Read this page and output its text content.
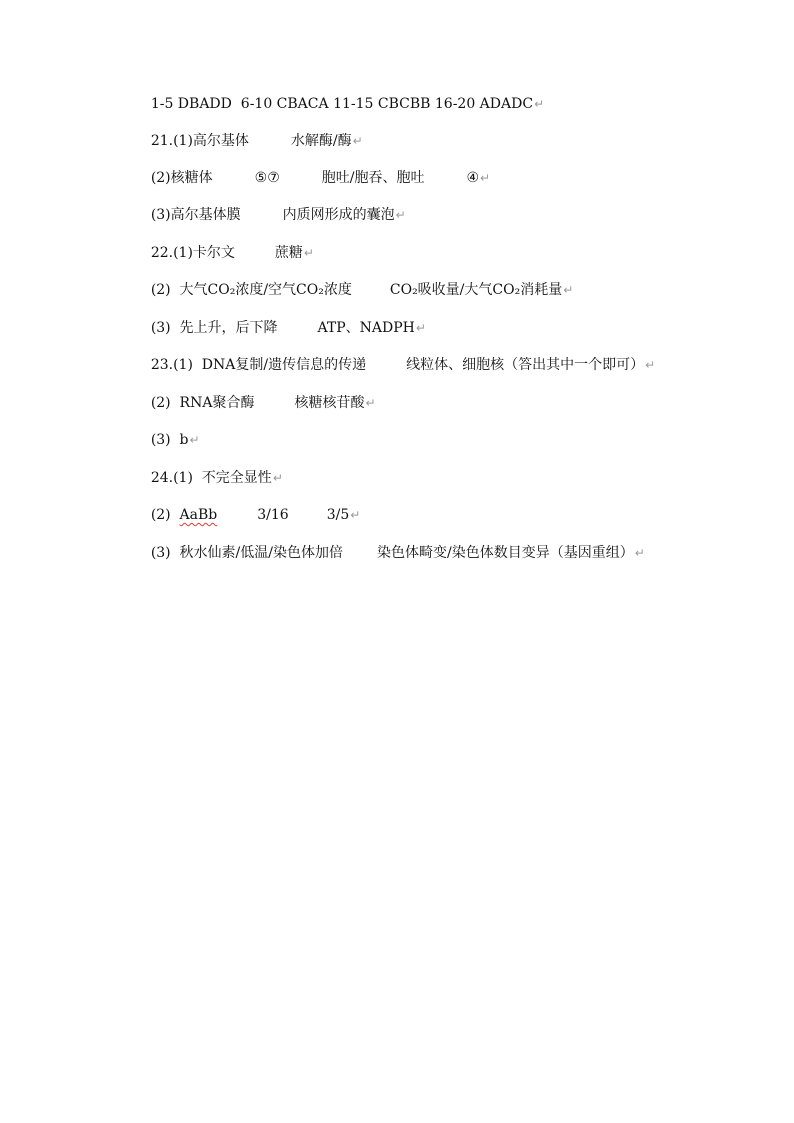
1-5 DBADD  6-10 CBACA 11-15 CBCBB 16-20 ADADC↵

21.(1)高尔基体	水解酶/酶↵

(2)核糖体	⑤⑦	胞吐/胞吞、胞吐	④↵

(3)高尔基体膜	内质网形成的囊泡↵

22.(1)卡尔文	蔗糖↵

(2)  大气CO₂浓度/空气CO₂浓度	CO₂吸收量/大气CO₂消耗量↵

(3)  先上升，后下降	ATP、NADPH↵

23.(1)  DNA复制/遗传信息的传递	线粒体、细胞核（答出其中一个即可）↵

(2)  RNA聚合酶	核糖核苷酸↵

(3)  b↵

24.(1)  不完全显性↵

(2)  AaBb	3/16	3/5↵

(3)  秋水仙素/低温/染色体加倍 染色体畸变/染色体数目变异（基因重组）↵
